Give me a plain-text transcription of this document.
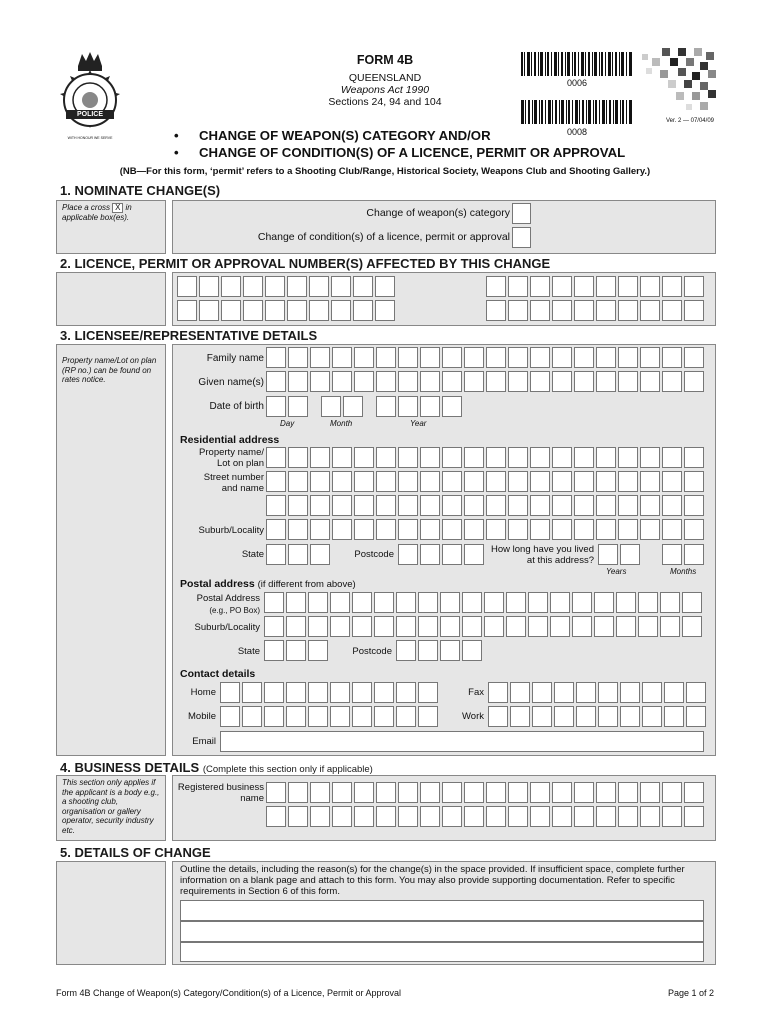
POLICE
WITH HONOUR WE SERVE
FORM 4B
QUEENSLAND
Weapons Act 1990
Sections 24, 94 and 104
0006
0008
Ver. 2 — 07/04/09
• CHANGE OF WEAPON(S) CATEGORY AND/OR
• CHANGE OF CONDITION(S) OF A LICENCE, PERMIT OR APPROVAL
(NB—For this form, ‘permit’ refers to a Shooting Club/Range, Historical Society, Weapons Club and Shooting Gallery.)
1. NOMINATE CHANGE(S)
Place a cross X in applicable box(es).	Change of weapon(s) category
Change of condition(s) of a licence, permit or approval
2. LICENCE, PERMIT OR APPROVAL NUMBER(S) AFFECTED BY THIS CHANGE
3. LICENSEE/REPRESENTATIVE DETAILS
Property name/Lot on plan (RP no.) can be found on rates notice.
Family name
Given name(s)
Date of birth
Day	Month	Year
Residential address
Property name/ Lot on plan
Street number and name
Suburb/Locality
State	Postcode	How long have you lived at this address?
Years	Months
Postal address (if different from above)
Postal Address
(e.g., PO Box)
Suburb/Locality
State	Postcode
Contact details
Home	Fax
Mobile	Work
Email
4. BUSINESS DETAILS (Complete this section only if applicable)
This section only applies if the applicant is a body e.g., a shooting club, organisation or gallery operator, security industry etc.
Registered business name
5. DETAILS OF CHANGE
Outline the details, including the reason(s) for the change(s) in the space provided. If insufficient space, complete further information on a blank page and attach to this form. You may also provide supporting documentation. Refer to specific requirements in Section 6 of this form.
Form 4B Change of Weapon(s) Category/Condition(s) of a Licence, Permit or Approval	Page 1 of 2
